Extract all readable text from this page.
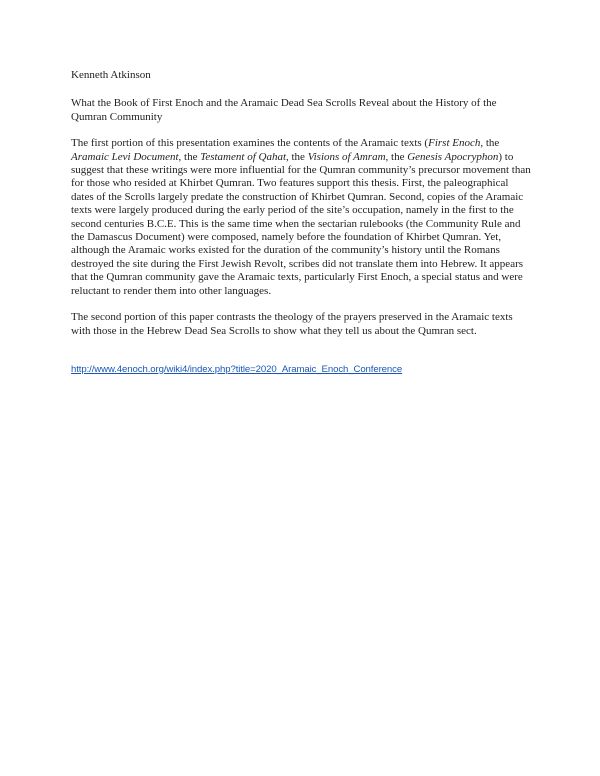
Kenneth Atkinson

What the Book of First Enoch and the Aramaic Dead Sea Scrolls Reveal about the History of the Qumran Community

The first portion of this presentation examines the contents of the Aramaic texts (First Enoch, the Aramaic Levi Document, the Testament of Qahat, the Visions of Amram, the Genesis Apocryphon) to suggest that these writings were more influential for the Qumran community’s precursor movement than for those who resided at Khirbet Qumran. Two features support this thesis. First, the paleographical dates of the Scrolls largely predate the construction of Khirbet Qumran. Second, copies of the Aramaic texts were largely produced during the early period of the site’s occupation, namely in the first to the second centuries B.C.E. This is the same time when the sectarian rulebooks (the Community Rule and the Damascus Document) were composed, namely before the foundation of Khirbet Qumran. Yet, although the Aramaic works existed for the duration of the community’s history until the Romans destroyed the site during the First Jewish Revolt, scribes did not translate them into Hebrew. It appears that the Qumran community gave the Aramaic texts, particularly First Enoch, a special status and were reluctant to render them into other languages.

The second portion of this paper contrasts the theology of the prayers preserved in the Aramaic texts with those in the Hebrew Dead Sea Scrolls to show what they tell us about the Qumran sect.

http://www.4enoch.org/wiki4/index.php?title=2020_Aramaic_Enoch_Conference
